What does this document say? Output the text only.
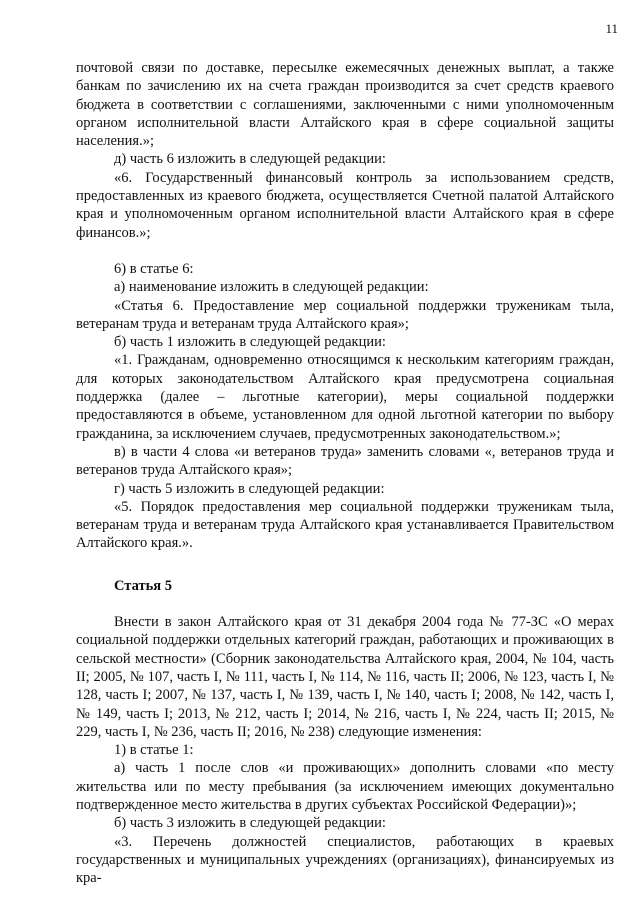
11

почтовой связи по доставке, пересылке ежемесячных денежных выплат, а также банкам по зачислению их на счета граждан производится за счет средств краевого бюджета в соответствии с соглашениями, заключенными с ними уполномоченным органом исполнительной власти Алтайского края в сфере социальной защиты населения.»;

д) часть 6 изложить в следующей редакции:

«6. Государственный финансовый контроль за использованием средств, предоставленных из краевого бюджета, осуществляется Счетной палатой Алтайского края и уполномоченным органом исполнительной власти Алтайского края в сфере финансов.»;

6) в статье 6:

а) наименование изложить в следующей редакции:

«Статья 6. Предоставление мер социальной поддержки труженикам тыла, ветеранам труда и ветеранам труда Алтайского края»;

б) часть 1 изложить в следующей редакции:

«1. Гражданам, одновременно относящимся к нескольким категориям граждан, для которых законодательством Алтайского края предусмотрена социальная поддержка (далее – льготные категории), меры социальной поддержки предоставляются в объеме, установленном для одной льготной категории по выбору гражданина, за исключением случаев, предусмотренных законодательством.»;

в) в части 4 слова «и ветеранов труда» заменить словами «, ветеранов труда и ветеранов труда Алтайского края»;

г) часть 5 изложить в следующей редакции:

«5. Порядок предоставления мер социальной поддержки труженикам тыла, ветеранам труда и ветеранам труда Алтайского края устанавливается Правительством Алтайского края.».

Статья 5

Внести в закон Алтайского края от 31 декабря 2004 года № 77-ЗС «О мерах социальной поддержки отдельных категорий граждан, работающих и проживающих в сельской местности» (Сборник законодательства Алтайского края, 2004, № 104, часть II; 2005, № 107, часть I, № 111, часть I, № 114, № 116, часть II; 2006, № 123, часть I, № 128, часть I; 2007, № 137, часть I, № 139, часть I, № 140, часть I; 2008, № 142, часть I, № 149, часть I; 2013, № 212, часть I; 2014, № 216, часть I, № 224, часть II; 2015, № 229, часть I, № 236, часть II; 2016, № 238) следующие изменения:

1) в статье 1:

а) часть 1 после слов «и проживающих» дополнить словами «по месту жительства или по месту пребывания (за исключением имеющих документально подтвержденное место жительства в других субъектах Российской Федерации)»;

б) часть 3 изложить в следующей редакции:

«3. Перечень должностей специалистов, работающих в краевых государственных и муниципальных учреждениях (организациях), финансируемых из кра-
